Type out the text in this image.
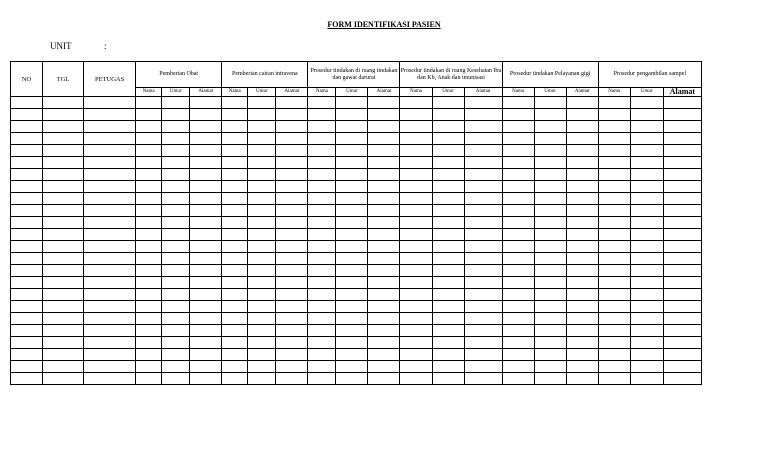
FORM IDENTIFIKASI PASIEN
UNIT	:
NO	TGL	PETUGAS	Pemberian Obat			Pemberian cairan intravena			Prosedur tindakan di ruang tindakan dan gawat darurat			Prosedur tindakan di ruang Kesehatan Ibu dan Kb, Anak dan imunisasi			Prosedur tindakan Pelayanan gigi			Prosedur pengambilan sampel		
			Nama	Umur	Alamat	Nama	Umur	Alamat	Nama	Umur	Alamat	Nama	Umur	Alamat	Nama	Umur	Alamat	Nama	Umur	Alamat
